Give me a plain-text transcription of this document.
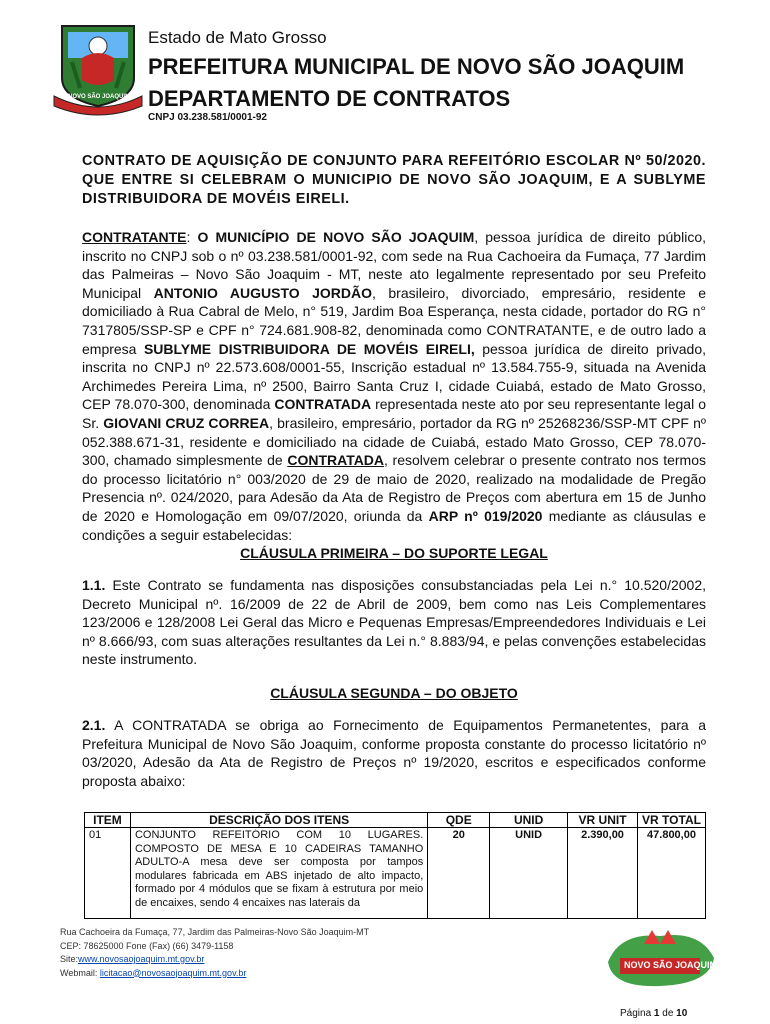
NOVO SÃO JOAQUIM
Estado de Mato Grosso
PREFEITURA MUNICIPAL DE NOVO SÃO JOAQUIM
DEPARTAMENTO DE CONTRATOS
CNPJ 03.238.581/0001-92
CONTRATO DE AQUISIÇÃO DE CONJUNTO PARA REFEITÓRIO ESCOLAR Nº 50/2020. QUE ENTRE SI CELEBRAM O MUNICIPIO DE NOVO SÃO JOAQUIM, E A SUBLYME DISTRIBUIDORA DE MOVÉIS EIRELI.
CONTRATANTE: O MUNICÍPIO DE NOVO SÃO JOAQUIM, pessoa jurídica de direito público, inscrito no CNPJ sob o nº 03.238.581/0001-92, com sede na Rua Cachoeira da Fumaça, 77 Jardim das Palmeiras – Novo São Joaquim - MT, neste ato legalmente representado por seu Prefeito Municipal ANTONIO AUGUSTO JORDÃO, brasileiro, divorciado, empresário, residente e domiciliado à Rua Cabral de Melo, n° 519, Jardim Boa Esperança, nesta cidade, portador do RG n° 7317805/SSP-SP e CPF n° 724.681.908-82, denominada como CONTRATANTE, e de outro lado a empresa SUBLYME DISTRIBUIDORA DE MOVÉIS EIRELI, pessoa jurídica de direito privado, inscrita no CNPJ nº 22.573.608/0001-55, Inscrição estadual nº 13.584.755-9, situada na Avenida Archimedes Pereira Lima, nº 2500, Bairro Santa Cruz I, cidade Cuiabá, estado de Mato Grosso, CEP 78.070-300, denominada CONTRATADA representada neste ato por seu representante legal o Sr. GIOVANI CRUZ CORREA, brasileiro, empresário, portador da RG nº 25268236/SSP-MT CPF nº 052.388.671-31, residente e domiciliado na cidade de Cuiabá, estado Mato Grosso, CEP 78.070-300, chamado simplesmente de CONTRATADA, resolvem celebrar o presente contrato nos termos do processo licitatório n° 003/2020 de 29 de maio de 2020, realizado na modalidade de Pregão Presencia nº. 024/2020, para Adesão da Ata de Registro de Preços com abertura em 15 de Junho de 2020 e Homologação em 09/07/2020, oriunda da ARP nº 019/2020 mediante as cláusulas e condições a seguir estabelecidas:
CLÁUSULA PRIMEIRA – DO SUPORTE LEGAL
1.1. Este Contrato se fundamenta nas disposições consubstanciadas pela Lei n.° 10.520/2002, Decreto Municipal nº. 16/2009 de 22 de Abril de 2009, bem como nas Leis Complementares 123/2006 e 128/2008 Lei Geral das Micro e Pequenas Empresas/Empreendedores Individuais e Lei nº 8.666/93, com suas alterações resultantes da Lei n.° 8.883/94, e pelas convenções estabelecidas neste instrumento.
CLÁUSULA SEGUNDA – DO OBJETO
2.1. A CONTRATADA se obriga ao Fornecimento de Equipamentos Permanetentes, para a Prefeitura Municipal de Novo São Joaquim, conforme proposta constante do processo licitatório nº 03/2020, Adesão da Ata de Registro de Preços nº 19/2020, escritos e especificados conforme proposta abaixo:
ITEM	DESCRIÇÃO DOS ITENS	QDE	UNID	VR UNIT	VR TOTAL
01	CONJUNTO REFEITÓRIO COM 10 LUGARES. COMPOSTO DE MESA E 10 CADEIRAS TAMANHO ADULTO-A mesa deve ser composta por tampos modulares fabricada em ABS injetado de alto impacto, formado por 4 módulos que se fixam à estrutura por meio de encaixes, sendo 4 encaixes nas laterais da	20	UNID	2.390,00	47.800,00
Rua Cachoeira da Fumaça, 77, Jardim das Palmeiras-Novo São Joaquim-MT
CEP: 78625000 Fone (Fax) (66) 3479-1158
Site:www.novosaojoaquim.mt.gov.br
Webmail: licitacao@novosaojoaquim.mt.gov.br
NOVO SÃO JOAQUIM
Página 1 de 10
